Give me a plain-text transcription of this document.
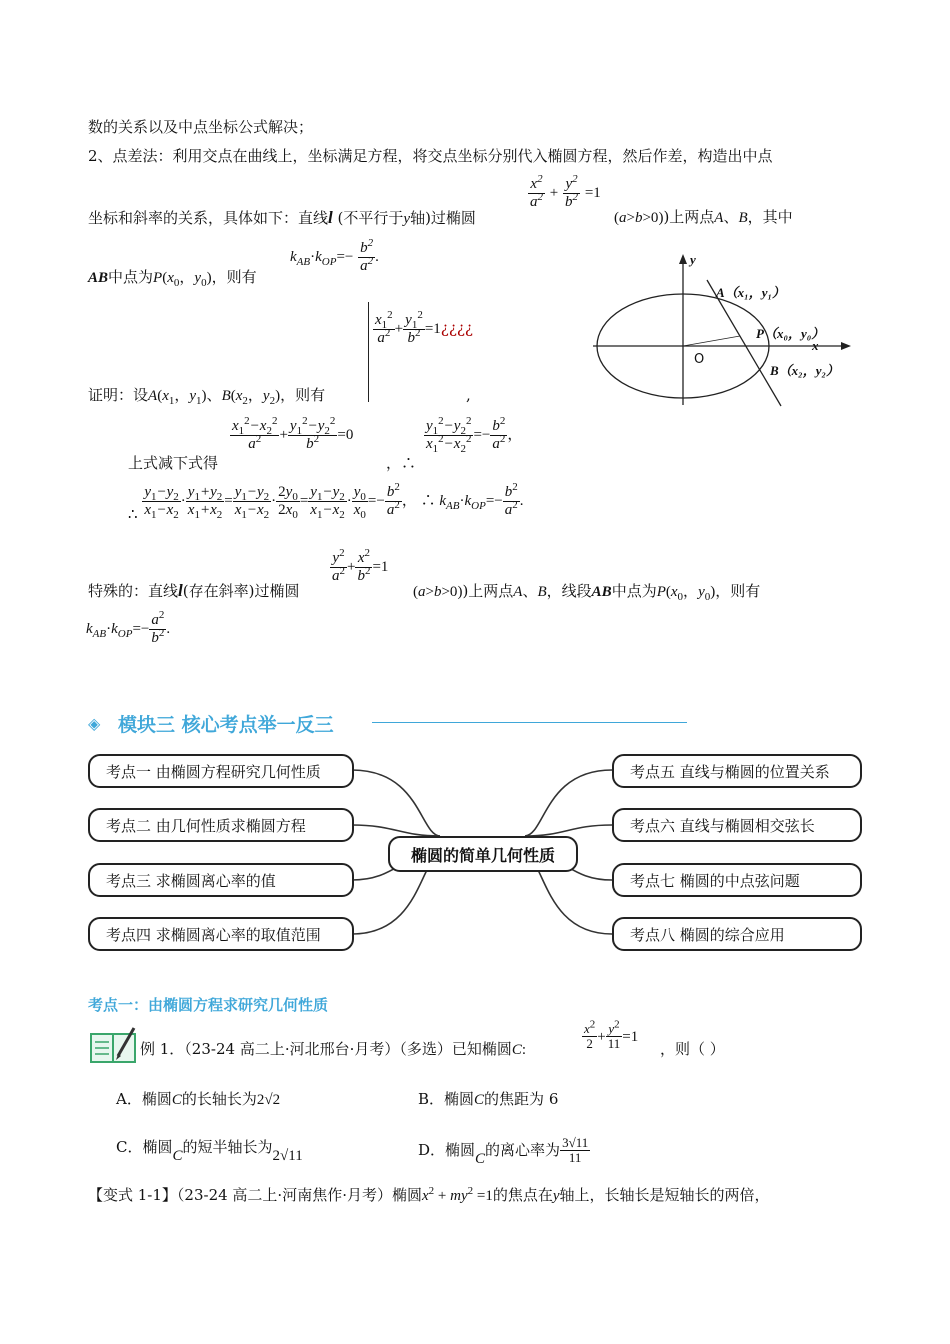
数的关系以及中点坐标公式解决；
2、点差法：利用交点在曲线上，坐标满足方程，将交点坐标分别代入椭圆方程，然后作差，构造出中点
坐标和斜率的关系，具体如下：直线l (不平行于y轴)过椭圆
$\frac{x^2}{a^2} + \frac{y^2}{b^2} =1$
(a>b>0))上两点A、B，其中
AB中点为$P(x_0$，$y_0$)，则有
$k_{AB}\cdot k_{OP}=- \frac{b^2}{a^2}$ .	y
x
O
A（x₁，y₁）
P（x₀，y₀）
B（x₂，y₂）
证明：设$A(x_1$，$y_1$)、$B(x_2$，$y_2$)，则有
$\frac{x_1^2}{a^2} + \frac{y_1^2}{b^2}$ =1¿¿¿¿
,
上式减下式得
$\frac{x_1^2-x_2^2}{a^2} + \frac{y_1^2-y_2^2}{b^2} =0$
，∴
$\frac{y_1^2-y_2^2}{x_1^2-x_2^2} =- \frac{b^2}{a^2}$ ，
∴ $\frac{y_1-y_2}{x_1-x_2} \cdot \frac{y_1+y_2}{x_1+x_2} = \frac{y_1-y_2}{x_1-x_2} \cdot \frac{2y_0}{2x_0} = \frac{y_1-y_2}{x_1-x_2} \cdot \frac{y_0}{x_0} =- \frac{b^2}{a^2}$ ， ∴ $k_{AB}\cdot k_{OP}=- \frac{b^2}{a^2}$ .
$\frac{y^2}{a^2} + \frac{x^2}{b^2} =1$
特殊的：直线l(存在斜率)过椭圆	(a>b>0))上两点A、B，线段AB中点为$P(x_0$，$y_0$)，则有
$k_{AB}\cdot k_{OP}=- \frac{a^2}{b^2}$ .
◈ 模块三 核心考点举一反三
考点一 由椭圆方程研究几何性质
考点二 由几何性质求椭圆方程
考点三 求椭圆离心率的值
考点四 求椭圆离心率的取值范围
考点五 直线与椭圆的位置关系
考点六 直线与椭圆相交弦长
考点七 椭圆的中点弦问题
考点八 椭圆的综合应用
椭圆的简单几何性质
考点一：由椭圆方程求研究几何性质
例 1．（23-24 高二上·河北邢台·月考）（多选）已知椭圆C:	$\frac{x^2}{2} + \frac{y^2}{11} =1$
，则（ ）
A．椭圆C的长轴长为2√2	B．椭圆C的焦距为 6
C．椭圆C的短半轴长为2√11	D．椭圆C的离心率为 $\frac{3√11}{11}$
【变式 1-1】（23-24 高二上·河南焦作·月考）椭圆$x^2 + my^2 =1$的焦点在y轴上，长轴长是短轴长的两倍，
